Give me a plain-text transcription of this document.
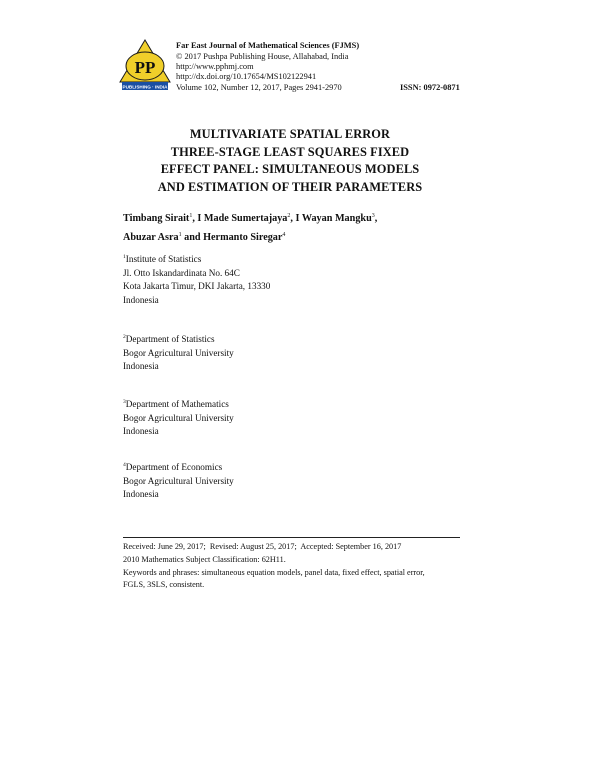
PP
PUBLISHING · INDIA
Far East Journal of Mathematical Sciences (FJMS)
© 2017 Pushpa Publishing House, Allahabad, India
http://www.pphmj.com
http://dx.doi.org/10.17654/MS102122941
Volume 102, Number 12, 2017, Pages 2941-2970	ISSN: 0972-0871
MULTIVARIATE SPATIAL ERROR
THREE-STAGE LEAST SQUARES FIXED
EFFECT PANEL: SIMULTANEOUS MODELS
AND ESTIMATION OF THEIR PARAMETERS
Timbang Sirait$^1$, I Made Sumertajaya$^2$, I Wayan Mangku$^3$,
Abuzar Asra$^1$ and Hermanto Siregar$^4$
$^1$Institute of Statistics
Jl. Otto Iskandardinata No. 64C
Kota Jakarta Timur, DKI Jakarta, 13330
Indonesia
$^2$Department of Statistics
Bogor Agricultural University
Indonesia
$^3$Department of Mathematics
Bogor Agricultural University
Indonesia
$^4$Department of Economics
Bogor Agricultural University
Indonesia
Received: June 29, 2017;  Revised: August 25, 2017;  Accepted: September 16, 2017
2010 Mathematics Subject Classification: 62H11.
Keywords and phrases: simultaneous equation models, panel data, fixed effect, spatial error,
FGLS, 3SLS, consistent.
